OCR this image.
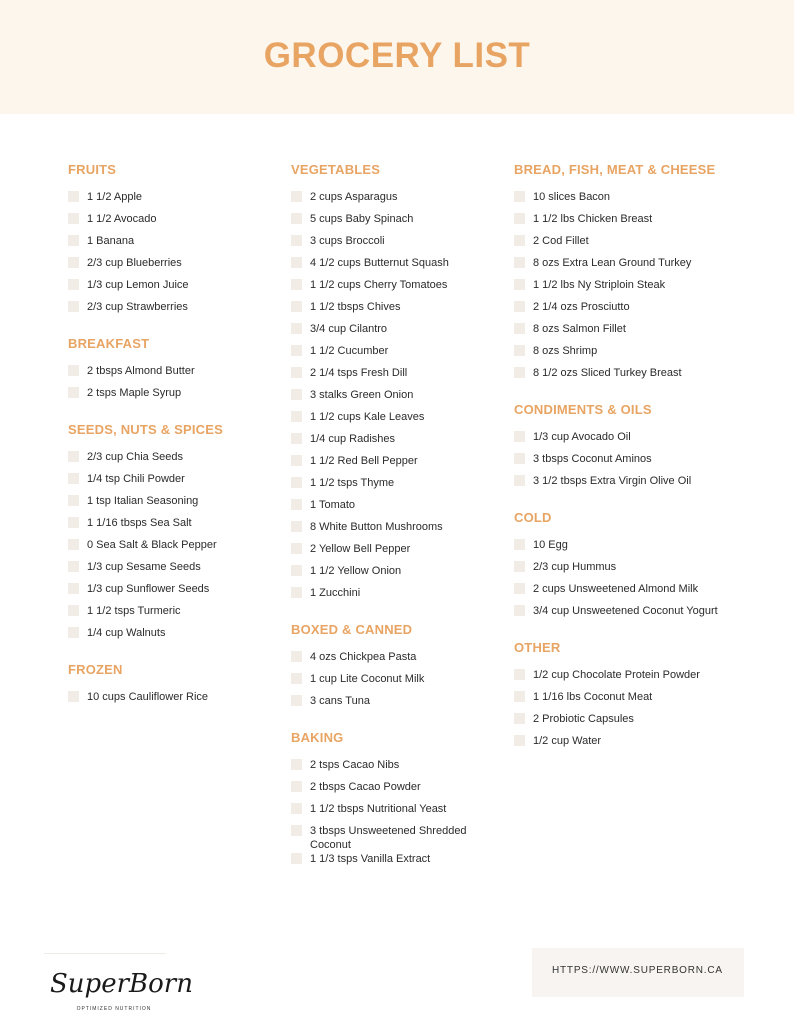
GROCERY LIST
FRUITS
1 1/2 Apple
1 1/2 Avocado
1 Banana
2/3 cup Blueberries
1/3 cup Lemon Juice
2/3 cup Strawberries
BREAKFAST
2 tbsps Almond Butter
2 tsps Maple Syrup
SEEDS, NUTS & SPICES
2/3 cup Chia Seeds
1/4 tsp Chili Powder
1 tsp Italian Seasoning
1 1/16 tbsps Sea Salt
0 Sea Salt & Black Pepper
1/3 cup Sesame Seeds
1/3 cup Sunflower Seeds
1 1/2 tsps Turmeric
1/4 cup Walnuts
FROZEN
10 cups Cauliflower Rice
VEGETABLES
2 cups Asparagus
5 cups Baby Spinach
3 cups Broccoli
4 1/2 cups Butternut Squash
1 1/2 cups Cherry Tomatoes
1 1/2 tbsps Chives
3/4 cup Cilantro
1 1/2 Cucumber
2 1/4 tsps Fresh Dill
3 stalks Green Onion
1 1/2 cups Kale Leaves
1/4 cup Radishes
1 1/2 Red Bell Pepper
1 1/2 tsps Thyme
1 Tomato
8 White Button Mushrooms
2 Yellow Bell Pepper
1 1/2 Yellow Onion
1 Zucchini
BOXED & CANNED
4 ozs Chickpea Pasta
1 cup Lite Coconut Milk
3 cans Tuna
BAKING
2 tsps Cacao Nibs
2 tbsps Cacao Powder
1 1/2 tbsps Nutritional Yeast
3 tbsps Unsweetened Shredded Coconut
1 1/3 tsps Vanilla Extract
BREAD, FISH, MEAT & CHEESE
10 slices Bacon
1 1/2 lbs Chicken Breast
2 Cod Fillet
8 ozs Extra Lean Ground Turkey
1 1/2 lbs Ny Striploin Steak
2 1/4 ozs Prosciutto
8 ozs Salmon Fillet
8 ozs Shrimp
8 1/2 ozs Sliced Turkey Breast
CONDIMENTS & OILS
1/3 cup Avocado Oil
3 tbsps Coconut Aminos
3 1/2 tbsps Extra Virgin Olive Oil
COLD
10 Egg
2/3 cup Hummus
2 cups Unsweetened Almond Milk
3/4 cup Unsweetened Coconut Yogurt
OTHER
1/2 cup Chocolate Protein Powder
1 1/16 lbs Coconut Meat
2 Probiotic Capsules
1/2 cup Water
SuperBorn
OPTIMIZED NUTRITION
HTTPS://WWW.SUPERBORN.CA
